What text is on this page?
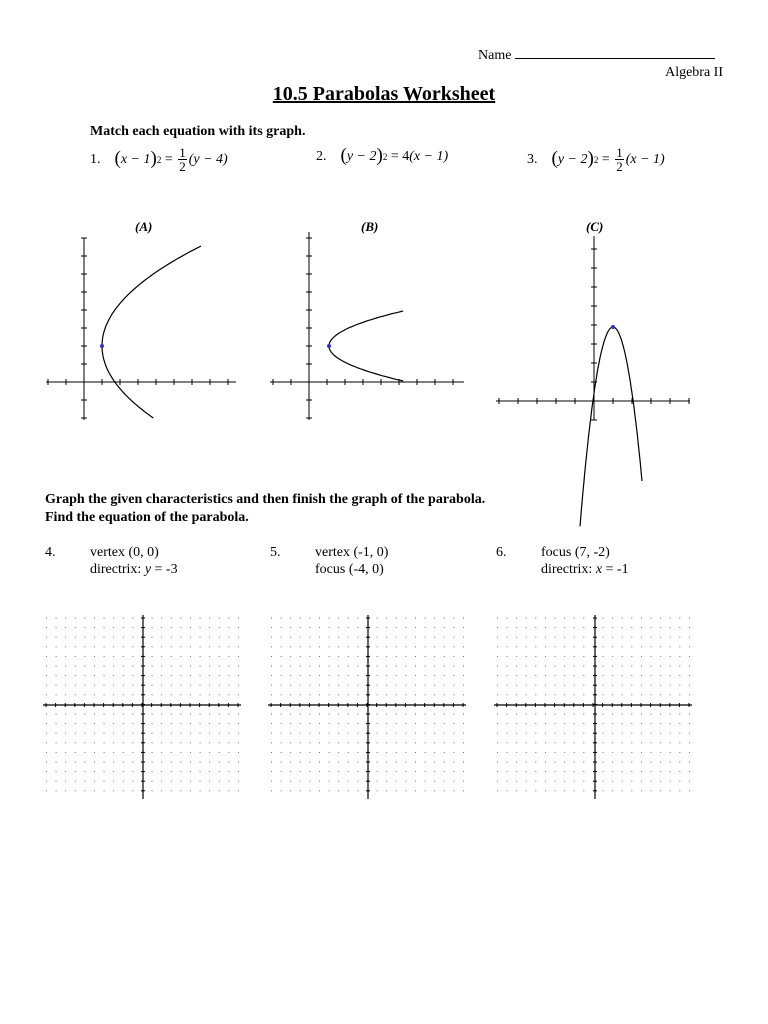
Name
Algebra II
10.5 Parabolas Worksheet
Match each equation with its graph.
1. ( x − 1 ) $2 = \frac{1}{2} (y - 4)$	2. ( y − 2 ) 2 = 4 (x − 1)	3. ( y − 2 ) $2 = \frac{1}{2} (x - 1)$
(A)	(B)	(C)
Graph the given characteristics and then finish the graph of the parabola.
Find the equation of the parabola.
4. vertex (0, 0)
directrix: y = -3
5. vertex (-1, 0)
focus (-4, 0)
6. focus (7, -2)
directrix: x = -1
